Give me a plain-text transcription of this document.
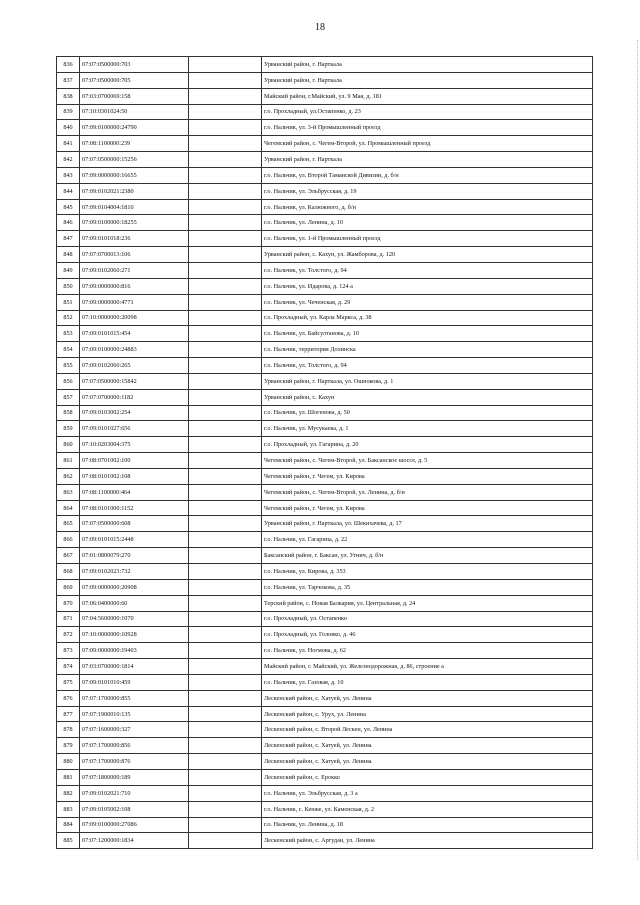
18
836	07:07:0500000:703		Урванский район, г. Нарткала
837	07:07:0500000:705		Урванский район, г. Нарткала
838	07:03:0700069:158		Майский район, г.Майский, ул. 9 Мая, д. 181
839	07:10:0301024:50		г.о. Прохладный, ул.Остапенко, д. 23
840	07:09:0100000:24790		г.о. Нальчик, ул. 3-й Промышленный проезд
841	07:08:1100000:239		Чегемский район, с. Чегем-Второй, ул. Промышленный проезд
842	07:07:0500000:15256		Урванский район, г. Нарткала
843	07:09:0000000:16655		г.о. Нальчик, ул. Второй Таманской Дивизии, д. б/н
844	07:09:0102021:2380		г.о. Нальчик, ул. Эльбрусская, д. 19
845	07:09:0104004:1810		г.о. Нальчик, ул. Калюжного, д. б/н
846	07:09:0100000:18255		г.о. Нальчик, ул. Ленина, д. 10
847	07:09:0101018:236		г.о. Нальчик, ул. 1-й Промышленный проезд
848	07:07:0700013:106		Урванский район, с. Кахун, ул. Жамборова, д. 120
849	07:09:0102060:271		г.о. Нальчик, ул. Толстого, д. 94
850	07:09:0000000:816		г.о. Нальчик, ул. Идарова, д. 124 а
851	07:09:0000000:4771		г.о. Нальчик, ул. Чеченская, д. 29
852	07:10:0000000:20098		г.о. Прохладный, ул. Карла Маркса, д. 38
853	07:09:0101015:454		г.о. Нальчик, ул. Байсултанова, д. 10
854	07:09:0100000:24883		г.о. Нальчик, территория Долинска
855	07:09:0102060:265		г.о. Нальчик, ул. Толстого, д. 94
856	07:07:0500000:15842		Урванский район, г. Нарткала, ул. Ошнокова, д. 1
857	07:07:0700000:1182		Урванский район, с. Кахун
858	07:09:0103002:254		г.о. Нальчик, ул. Шогенова, д. 50
859	07:09:0101027:656		г.о. Нальчик, ул. Мусукаева, д. 1
860	07:10:0203004:375		г.о. Прохладный, ул. Гагарина, д. 20
861	07:08:0701002:100		Чегемский район, с. Чегем-Второй, ул. Баксанское шоссе, д. 5
862	07:08:0101002:108		Чегемский район, г. Чегем, ул. Кирова
863	07:08:1100000:464		Чегемский район, с. Чегем-Второй, ул. Ленина, д. б/н
864	07:08:0101000:1152		Чегемский район, г. Чегем, ул. Кирова
865	07:07:0500000:608		Урванский район, г. Нарткала, ул. Шекихачева, д. 17
866	07:09:0101015:2448		г.о. Нальчик, ул. Гагарина, д. 22
867	07:01:0800079:270		Баксанский район, г. Баксан, ул. Угнич, д. б/н
868	07:09:0102023:732		г.о. Нальчик, ул. Кирова, д. 353
869	07:09:0000000:20908		г.о. Нальчик, ул. Тарчокова, д. 35
870	07:06:0400000:60		Терский район, с. Новая Балкария, ул. Центральная, д. 24
871	07:04:5600000:1070		г.о. Прохладный, ул. Остапенко
872	07:10:0000000:10928		г.о. Прохладный, ул. Головко, д. 46
873	07:09:0000000:19403		г.о. Нальчик, ул. Ногмова, д. 62
874	07:03:0700000:1814		Майский район, г. Майский, ул. Железнодорожная, д. 86, строение а
875	07:09:0101010:459		г.о. Нальчик, ул. Газовая, д. 10
876	07:07:1700000:855		Лескенский район, с. Хатуей, ул. Ленина
877	07:07:1900010:135		Лескенский район, с. Урух, ул. Ленина
878	07:07:1600000:327		Лескенский район, с. Второй Лескен, ул. Ленина
879	07:07:1700000:856		Лескенский район, с. Хатуей, ул. Ленина
880	07:07:1700000:876		Лескенский район, с. Хатуей, ул. Ленина
881	07:07:1800000:189		Лескенский район, с. Ерокко
882	07:09:0102021:710		г.о. Нальчик, ул. Эльбрусская, д. 3 а
883	07:09:0105002:108		г.о. Нальчик, с. Кенже, ул. Каменская, д. 2
884	07:09:0100000:27086		г.о. Нальчик, ул. Ленина, д. 18
885	07:07:1200000:1834		Лескенский район, с. Аргудан, ул. Ленина
